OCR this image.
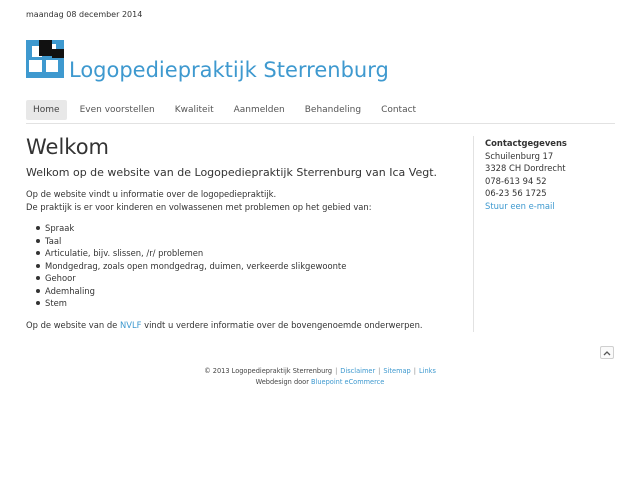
maandag 08 december 2014
Logopediepraktijk Sterrenburg
Home	Even voorstellen	Kwaliteit	Aanmelden	Behandeling	Contact
Welkom
Welkom op de website van de Logopediepraktijk Sterrenburg van Ica Vegt.

Op de website vindt u informatie over de logopediepraktijk.

De praktijk is er voor kinderen en volwassenen met problemen op het gebied van:

Spraak
Taal
Articulatie, bijv. slissen, /r/ problemen
Mondgedrag, zoals open mondgedrag, duimen, verkeerde slikgewoonte
Gehoor
Ademhaling
Stem

Op de website van de NVLF vindt u verdere informatie over de bovengenoemde onderwerpen.

Contactgegevens
Schuilenburg 17
3328 CH Dordrecht
078-613 94 52
06-23 56 1725
Stuur een e-mail
© 2013 Logopediepraktijk Sterrenburg | Disclaimer | Sitemap | Links
Webdesign door Bluepoint eCommerce
